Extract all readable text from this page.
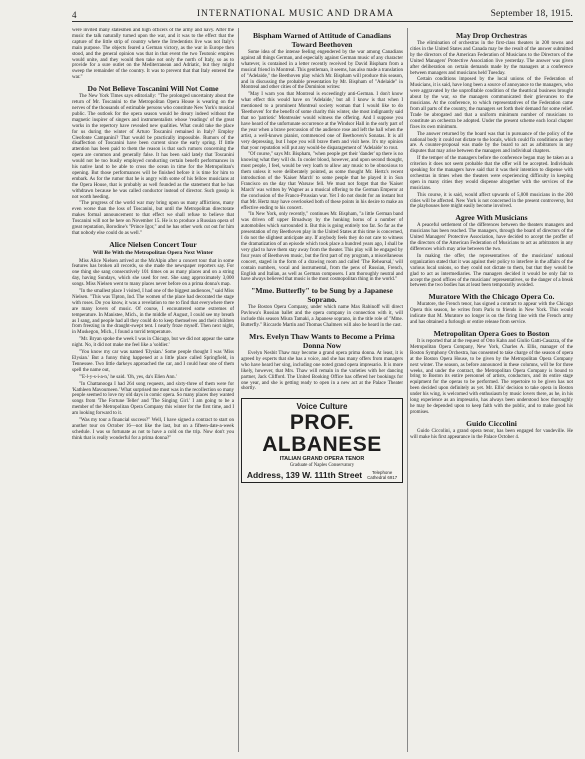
4	INTERNATIONAL MUSIC AND DRAMA	September 18, 1915.

were invited many statesmen and high officers of the army and navy. After the music the talk naturally turned upon the war, and it was to the effect that the capture of the little strip of country where the Irredentists live was not Italy's main purpose. The objects feared a German victory, as the war in Europe then stood, and the general opinion was that in that event the two Teutonic empires would unite, and they would then take not only the north of Italy, so as to provide for a sure outlet on the Mediterranean and Adriatic, but they might sweep the remainder of the country. It was to prevent that that Italy entered the war."

Do Not Believe Toscanini Will Not Come

The New York Times says editorially: "The prolonged uncertainty about the return of Mr. Toscanini to the Metropolitan Opera House is wearing on the nerves of the thousands of estimable persons who constitute New York's musical public. The outlook for the opera season would be dreary indeed without the magnetic inspirer of singers and instrumentalists whose 'readings' of the great works in the repertory have revealed new qualities. What could take the place for us during the winter of Arturo Toscanini remained in Italy? Employ Cleofonte Campanini? That would be practically impossible. Rumors of the disaffection of Toscanini have been current since the early spring. If little attention has been paid to them the reason is that such rumors concerning the opera are common and generally false. It has been said lately that Toscanini would not be too busily employed conducting certain benefit performances in his native land to be able to cross the ocean in time for the Metropolitan's opening. But those performances will be finished before it is time for him to embark. As for the rumor that he is angry with some of his fellow musicians at the Opera House, that is probably as well founded as the statement that he has withdrawn because he was called conductor instead of director. Such gossip is not worth heeding.

"The progress of the world war may bring upon us many afflictions, many even worse than the loss of Toscanini, but until the Metropolitan directorate makes formal announcement to that effect we shall refuse to believe that Toscanini will not be here on November 15. He is to produce a Russian opera of great reputation, Borodine's "Prince Igor," and he has other work cut out for him that nobody else could do as well."

Alice Nielsen Concert Tour
Will Be With the Metropolitan Opera Next Winter

Miss Alice Nielsen arrived at the McAlpin after a concert tour that in some features has broken all records, so she made the newspaper reporters say. For one thing she sang consecutively 101 times on as many places and on a string day, having Sundays, which she used for rest. She sang approximately 3,000 songs. Miss Nielsen went to many places never before on a prima donna's map.

"In the smallest place I visited, I had one of the biggest audiences," said Miss Nielsen. "This was Tipton, Ind. The women of the place had decorated the stage with roses. Do you know, it was a revelation to me to find that everywhere there are many lovers of music. Of course, I encountered some extremes of temperature. In Manistee, Mich., in the middle of August, I could see my breath as I sang, and people had all they could do to keep themselves and their children from freezing in the draught-swept tent. I nearly froze myself. Then next night, in Muskegon, Mich., I found a torrid temperature.

"Mr. Bryan spoke the week I was in Chicago, but we did not appear the same night. No, it did not make me feel like a 'soldier.'

"You know my car was named 'Elysian.' Some people thought I was 'Miss Elysian.' But a funny thing happened at a little place called Springfield, in Tennessee. Two little darkeys approached the car, and I could hear one of them spell the name out,

"'E-l-y-s-i-a-n,' he said. 'Oh, yes, da's Elien Ann.'

"In Chattanooga I had 264 song requests, and sixty-three of them were for 'Kathleen Mavourneen.' What surprised me most was in the recollection so many people seemed to love my old days in comic opera. So many places they wanted songs from 'The Fortune Teller' and 'The Singing Girl.' I am going to be a member of the Metropolitan Opera Company this winter for the first time, and I am looking forward to it.

"Was my tour a financial success?" Well, I have signed a contract to start on another tour on October 16—not like the last, but on a fifteen-date-a-week schedule. I was so fortunate as not to have a cold on the trip. Now don't you think that is really wonderful for a prima donna?"

Bispham Warned of Attitude of Canadians Toward Beethoven

Some idea of the intense feeling engendered by the war among Canadians against all things German, and especially against German music of any character whatever, is contained in a letter recently received by David Bispham from a musical friend in Montreal. This gentleman, it seems, has also made a translation of "Adelaide," the Beethoven play which Mr. Bispham will produce this season, and in discussing the probable presentation by Mr. Bispham of "Adelaide" in Montreal and other cities of the Dominion writes:

"May I warn you that Montreal is exceedingly anti-German. I don't know what effect this would have on 'Adelaide,' but all I know is that when I mentioned to a prominent Montreal society woman that I would like to do 'Beethoven' for the benefit of some charity this winter, she most indignantly said that no 'patriotic' Montrealer would witness the offering. And I suppose you have heard of the unfortunate occurrence at the Windsor Hall in the early part of the year when a brave percussion of the audience rose and left the hall when the artist, a well-known pianist, commenced one of Beethoven's Sonatas. It is all very depressing, but I hope you will brave them and visit here. It's my opinion that your reputation will put any would-be disparagement of 'Adelaide' to rout.

"Of course," says Mr. Bispham, "when people get their 'dander' up there is no knowing what they will do. In cooler blood, however, and upon second thought, most people, I feel, would be very loath to allow any music to be obnoxious to them unless it were deliberately pointed, as some thought Mr. Hertz's recent introduction of the 'Kaiser March' to some people that he played it in Sun Francisco on the day that Warsaw fell. We must not forget that the 'Kaiser March' was written by Wagner as a musical offering to the German Emperor at the conclusion of the Franco-Prussian war. Yet I do not doubt for an instant but that Mr. Hertz may have overlooked both of these points in his desire to make an effective ending to his concert.

"In New York, only recently," continues Mr. Bispham, "a little German band was driven off upper Broadway by the honking horns of a number of automobiles which surrounded it. But this is going entirely too far. So far as the presentation of my Beethoven play in the United States at this time is concerned, I do not the slightest anticipate any. If anybody feels they do not care to witness the dramatization of an episode which took place a hundred years ago, I shall be very glad to have them stay away from the theater. This play will be engaged by four years of Beethoven music, but the first part of my program, a miscellaneous concert, staged in the form of a drawing room and called 'The Rehearsal,' will contain numbers, vocal and instrumental, from the pens of Russian, French, English and Italian, as well as German composers. I am thoroughly neutral and have always believed that music is the most cosmopolitan thing in the world."

"Mme. Butterfly" to be Sung by a Japanese Soprano.

The Boston Opera Company, under which name Max Rabinoff will direct Pavlowa's Russian ballet and the opera company in connection with it, will include this season Miura Tamaki, a Japanese soprano, in the title role of "Mme. Butterfly." Riccardo Martin and Thomas Chalmers will also be heard in the cast.

Mrs. Evelyn Thaw Wants to Become a Prima Donna Now

Evelyn Nesbit Thaw may become a grand opera prima donna. At least, it is agreed by experts that she has a voice, and she has many offers from managers who have heard her sing, including one noted grand opera impresario. It is more likely, however, that Mrs. Thaw will remain in the varieties with her dancing partner, Jack Clifford. The United Booking Office has offered her bookings for one year, and she is getting ready to open in a new act at the Palace Theater shortly.

Voice Culture
PROF. ALBANESE
ITALIAN GRAND OPERA TENOR
Graduate of Naples Conservatory
Address, 139 W. 111th Street	Telephone
Cathedral 6917
May Drop Orchestras

The elimination of orchestras in the first-class theaters in 200 towns and cities in the United States and Canada may be the result of the answer submitted by the directors of the American Federation of Musicians to the Directors of the United Managers' Protective Association live yesterday. The answer was given after deliberation on certain demands made by the managers at a conference between managers and musicians held Tuesday.

Certain conditions imposed by the local unions of the Federation of Musicians, it is said, have long been a source of annoyance to the managers, who were aggravated by the unprofitable condition of the theatrical business brought about by the war, so the managers communicated their grievances to the musicians. At the conference, to which representatives of the Federation came from all parts of the country, the managers set forth their demand for some relief. Trade be abrogated and that a uniform minimum number of musicians to constitute an orchestra be adopted. Under the present scheme each local chapter fixes its own minimum.

The answer returned by the board was that in pursuance of the policy of the national body it could not dictate to the locals, which could fix conditions as they are. A counter-proposal was made by the board to act as arbitrators in any disputes that may arise between the managers and individual chapters.

If the temper of the managers before the conference began may be taken as a criterion it does not seem probable that the offer will be accepted. Individuals speaking for the managers have said that it was their intention to dispense with orchestras in times when the theaters were experiencing difficulty in keeping open in many cities they would dispense altogether with the services of the musicians.

This course, it is said, would affect upwards of 5,000 musicians in the 200 cities will be affected. New York is not concerned in the present controversy, but the playhouses here might easily become involved.

Agree With Musicians

A peaceful settlement of the differences between the theaters managers and musicians has been reached. The managers, through the board of directors of the United Managers' Protective Association, have decided to accept the proffer of the directors of the American Federation of Musicians to act as arbitrators in any differences which may arise between the two.

In making the offer, the representatives of the musicians' national organization stated that it was against their policy to interfere in the affairs of the various local unions, so they could not dictate to them, but that they would be glad to act as intermediaries. The managers decided it would be only fair to accept the good offices of the musicians' representatives, so the danger of a break between the two bodies has at least been temporarily avoided.

Muratore With the Chicago Opera Co.

Muratore, the French tenor, has signed a contract to appear with the Chicago Opera this season, he writes from Paris to friends in New York. This would indicate that M. Muratore no longer is on the firing line with the French army and has obtained a furlough or entire release from service.

Metropolitan Opera Goes to Boston

It is reported that at the request of Otto Kahn and Giulio Gatti-Casazza, of the Metropolitan Opera Company, New York, Charles A. Ellis, manager of the Boston Symphony Orchestra, has consented to take charge of the season of opera at the Boston Opera House, to be given by the Metropolitan Opera Company next winter. The season, as before announced in these columns, will be for three weeks, and under the contract, the Metropolitan Opera Company is bound to bring to Boston its entire personnel of artists, conductors, and its entire stage equipment for the operas to be performed. The repertoire to be given has not been decided upon definitely as yet. Mr. Ellis' decision to take opera in Boston under his wing, is welcomed with enthusiasm by music lovers there, as he, in his long experience as an impresario, has always been understood how thoroughly he may be depended upon to keep faith with the public, and to make good his promises.

Guido Ciccolini

Guido Ciccolini, a grand opera tenor, has been engaged for vaudeville. He will make his first appearance in the Palace October 4.
